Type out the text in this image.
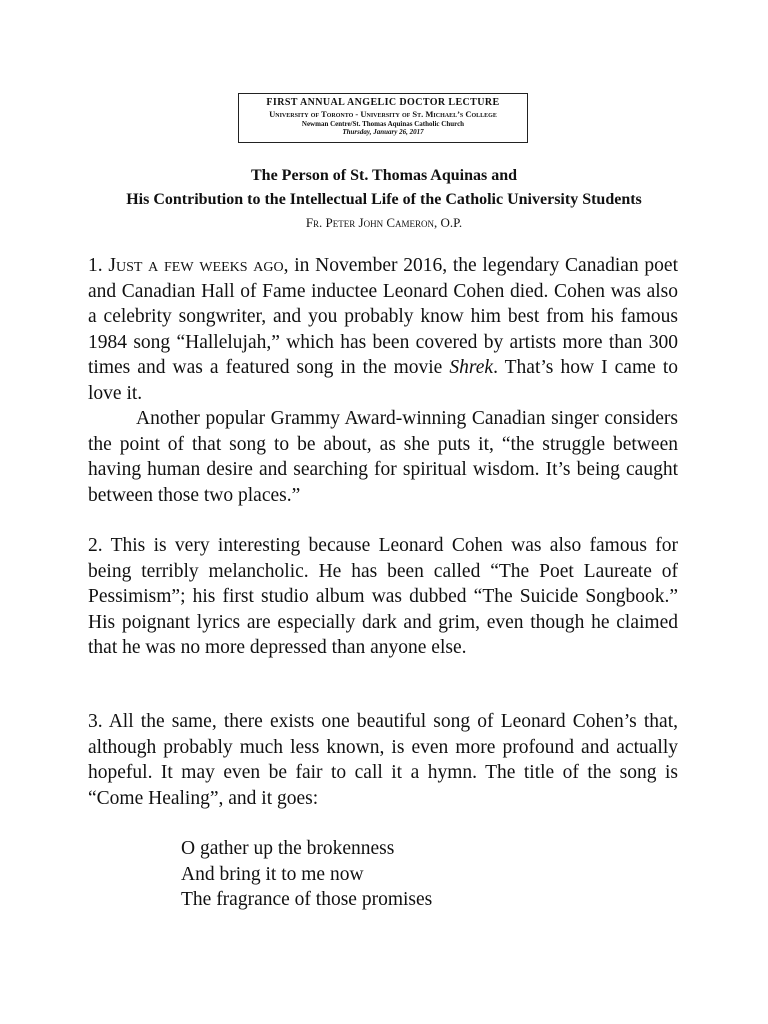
FIRST ANNUAL ANGELIC DOCTOR LECTURE
University of Toronto - University of St. Michael’s College
Newman Centre/St. Thomas Aquinas Catholic Church
Thursday, January 26, 2017
The Person of St. Thomas Aquinas and
His Contribution to the Intellectual Life of the Catholic University Students
Fr. Peter John Cameron, O.P.

1. Just a few weeks ago, in November 2016, the legendary Canadian poet and Canadian Hall of Fame inductee Leonard Cohen died. Cohen was also a celebrity songwriter, and you probably know him best from his famous 1984 song “Hallelujah,” which has been covered by artists more than 300 times and was a featured song in the movie Shrek. That’s how I came to love it.

Another popular Grammy Award-winning Canadian singer considers the point of that song to be about, as she puts it, “the struggle between having human desire and searching for spiritual wisdom. It’s being caught between those two places.”

2. This is very interesting because Leonard Cohen was also famous for being terribly melancholic. He has been called “The Poet Laureate of Pessimism”; his first studio album was dubbed “The Suicide Songbook.” His poignant lyrics are especially dark and grim, even though he claimed that he was no more depressed than anyone else.
3. All the same, there exists one beautiful song of Leonard Cohen’s that, although probably much less known, is even more profound and actually hopeful. It may even be fair to call it a hymn. The title of the song is “Come Healing”, and it goes:
O gather up the brokenness
And bring it to me now
The fragrance of those promises
